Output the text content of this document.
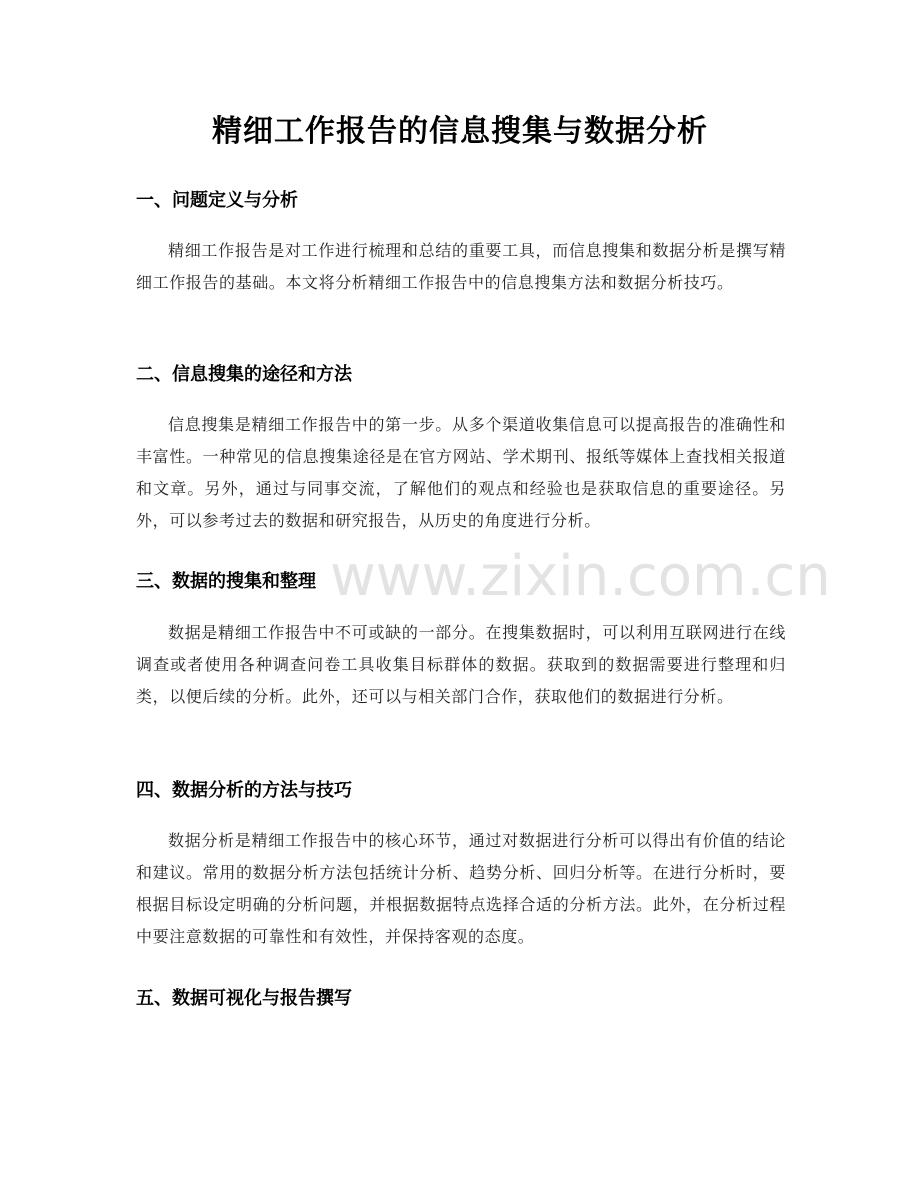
www.zixin.com.cn
精细工作报告的信息搜集与数据分析
一、问题定义与分析
精细工作报告是对工作进行梳理和总结的重要工具，而信息搜集和数据分析是撰写精细工作报告的基础。本文将分析精细工作报告中的信息搜集方法和数据分析技巧。
二、信息搜集的途径和方法
信息搜集是精细工作报告中的第一步。从多个渠道收集信息可以提高报告的准确性和丰富性。一种常见的信息搜集途径是在官方网站、学术期刊、报纸等媒体上查找相关报道和文章。另外，通过与同事交流，了解他们的观点和经验也是获取信息的重要途径。另外，可以参考过去的数据和研究报告，从历史的角度进行分析。
三、数据的搜集和整理
数据是精细工作报告中不可或缺的一部分。在搜集数据时，可以利用互联网进行在线调查或者使用各种调查问卷工具收集目标群体的数据。获取到的数据需要进行整理和归类，以便后续的分析。此外，还可以与相关部门合作，获取他们的数据进行分析。
四、数据分析的方法与技巧
数据分析是精细工作报告中的核心环节，通过对数据进行分析可以得出有价值的结论和建议。常用的数据分析方法包括统计分析、趋势分析、回归分析等。在进行分析时，要根据目标设定明确的分析问题，并根据数据特点选择合适的分析方法。此外，在分析过程中要注意数据的可靠性和有效性，并保持客观的态度。
五、数据可视化与报告撰写
